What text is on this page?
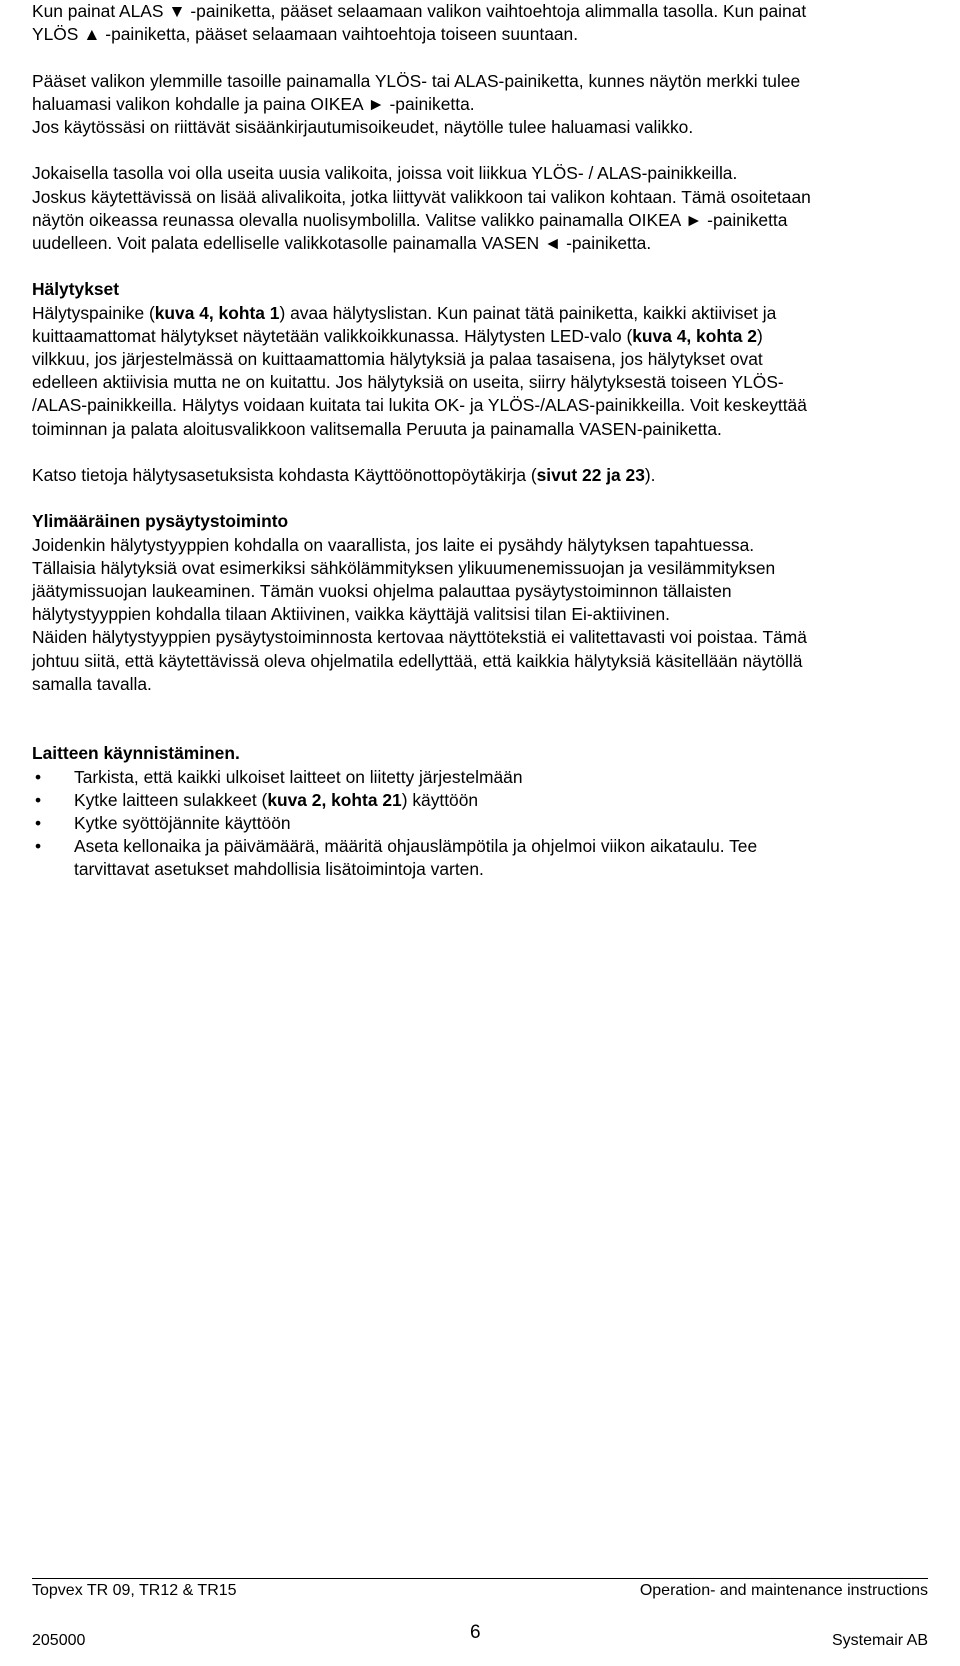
Kun painat ALAS ▼ -painiketta, pääset selaamaan valikon vaihtoehtoja alimmalla tasolla. Kun painat
YLÖS ▲ -painiketta, pääset selaamaan vaihtoehtoja toiseen suuntaan.
Pääset valikon ylemmille tasoille painamalla YLÖS- tai ALAS-painiketta, kunnes näytön merkki tulee
haluamasi valikon kohdalle ja paina OIKEA ► -painiketta.
Jos käytössäsi on riittävät sisäänkirjautumisoikeudet, näytölle tulee haluamasi valikko.
Jokaisella tasolla voi olla useita uusia valikoita, joissa voit liikkua YLÖS- / ALAS-painikkeilla.
Joskus käytettävissä on lisää alivalikoita, jotka liittyvät valikkoon tai valikon kohtaan. Tämä osoitetaan
näytön oikeassa reunassa olevalla nuolisymbolilla. Valitse valikko painamalla OIKEA ► -painiketta
uudelleen. Voit palata edelliselle valikkotasolle painamalla VASEN ◄ -painiketta.
Hälytykset
Hälytyspainike (kuva 4, kohta 1) avaa hälytyslistan. Kun painat tätä painiketta, kaikki aktiiviset ja
kuittaamattomat hälytykset näytetään valikkoikkunassa. Hälytysten LED-valo (kuva 4, kohta 2)
vilkkuu, jos järjestelmässä on kuittaamattomia hälytyksiä ja palaa tasaisena, jos hälytykset ovat
edelleen aktiivisia mutta ne on kuitattu. Jos hälytyksiä on useita, siirry hälytyksestä toiseen YLÖS-
/ALAS-painikkeilla. Hälytys voidaan kuitata tai lukita OK- ja YLÖS-/ALAS-painikkeilla. Voit keskeyttää
toiminnan ja palata aloitusvalikkoon valitsemalla Peruuta ja painamalla VASEN-painiketta.
Katso tietoja hälytysasetuksista kohdasta Käyttöönottopöytäkirja (sivut 22 ja 23).
Ylimääräinen pysäytystoiminto
Joidenkin hälytystyyppien kohdalla on vaarallista, jos laite ei pysähdy hälytyksen tapahtuessa.
Tällaisia hälytyksiä ovat esimerkiksi sähkölämmityksen ylikuumenemissuojan ja vesilämmityksen
jäätymissuojan laukeaminen. Tämän vuoksi ohjelma palauttaa pysäytystoiminnon tällaisten
hälytystyyppien kohdalla tilaan Aktiivinen, vaikka käyttäjä valitsisi tilan Ei-aktiivinen.
Näiden hälytystyyppien pysäytystoiminnosta kertovaa näyttötekstiä ei valitettavasti voi poistaa. Tämä
johtuu siitä, että käytettävissä oleva ohjelmatila edellyttää, että kaikkia hälytyksiä käsitellään näytöllä
samalla tavalla.
Laitteen käynnistäminen.
• Tarkista, että kaikki ulkoiset laitteet on liitetty järjestelmään
• Kytke laitteen sulakkeet (kuva 2, kohta 21) käyttöön
• Kytke syöttöjännite käyttöön
• Aseta kellonaika ja päivämäärä, määritä ohjauslämpötila ja ohjelmoi viikon aikataulu. Tee
tarvittavat asetukset mahdollisia lisätoimintoja varten.
Topvex TR 09, TR12 & TR15	Operation- and maintenance instructions
205000	6	Systemair AB
